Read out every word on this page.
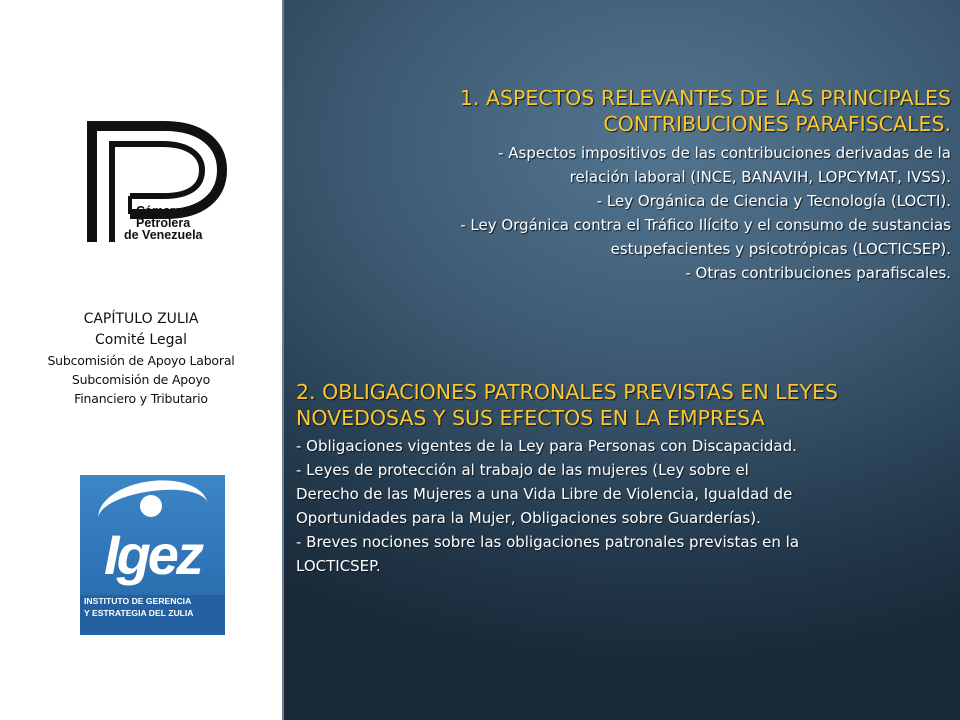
Cámara
Petrolera
de Venezuela
CAPÍTULO ZULIA
Comité Legal
Subcomisión de Apoyo Laboral
Subcomisión de Apoyo
Financiero y Tributario
Igez
INSTITUTO DE GERENCIA
Y ESTRATEGIA DEL ZULIA
1. ASPECTOS RELEVANTES DE LAS PRINCIPALES
CONTRIBUCIONES PARAFISCALES.
- Aspectos impositivos de las contribuciones derivadas de la
relación laboral (INCE, BANAVIH, LOPCYMAT, IVSS).
- Ley Orgánica de Ciencia y Tecnología (LOCTI).
- Ley Orgánica contra el Tráfico Ilícito y el consumo de sustancias
estupefacientes y psicotrópicas (LOCTICSEP).
- Otras contribuciones parafiscales.
2. OBLIGACIONES PATRONALES PREVISTAS EN LEYES
NOVEDOSAS Y SUS EFECTOS EN LA EMPRESA
- Obligaciones vigentes de la Ley para Personas con Discapacidad.
- Leyes de protección al trabajo de las mujeres (Ley sobre el
Derecho de las Mujeres a una Vida Libre de Violencia, Igualdad de
Oportunidades para la Mujer, Obligaciones sobre Guarderías).
- Breves nociones sobre las obligaciones patronales previstas en la
LOCTICSEP.
